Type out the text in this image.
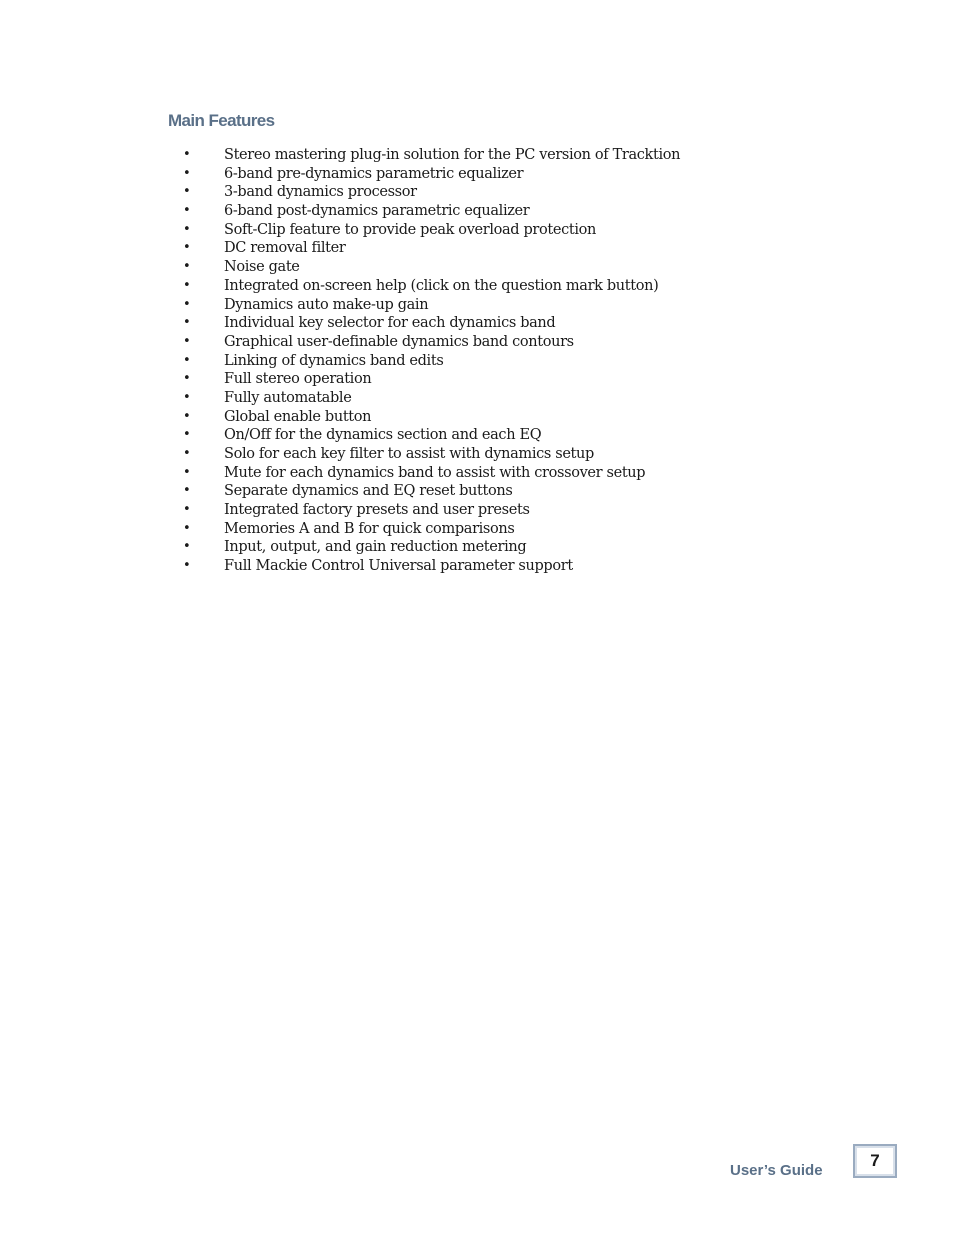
Main Features
• Stereo mastering plug-in solution for the PC version of Tracktion
• 6-band pre-dynamics parametric equalizer
• 3-band dynamics processor
• 6-band post-dynamics parametric equalizer
• Soft-Clip feature to provide peak overload protection
• DC removal filter
• Noise gate
• Integrated on-screen help (click on the question mark button)
• Dynamics auto make-up gain
• Individual key selector for each dynamics band
• Graphical user-definable dynamics band contours
• Linking of dynamics band edits
• Full stereo operation
• Fully automatable
• Global enable button
• On/Off for the dynamics section and each EQ
• Solo for each key filter to assist with dynamics setup
• Mute for each dynamics band to assist with crossover setup
• Separate dynamics and EQ reset buttons
• Integrated factory presets and user presets
• Memories A and B for quick comparisons
• Input, output, and gain reduction metering
• Full Mackie Control Universal parameter support
User’s Guide
7
